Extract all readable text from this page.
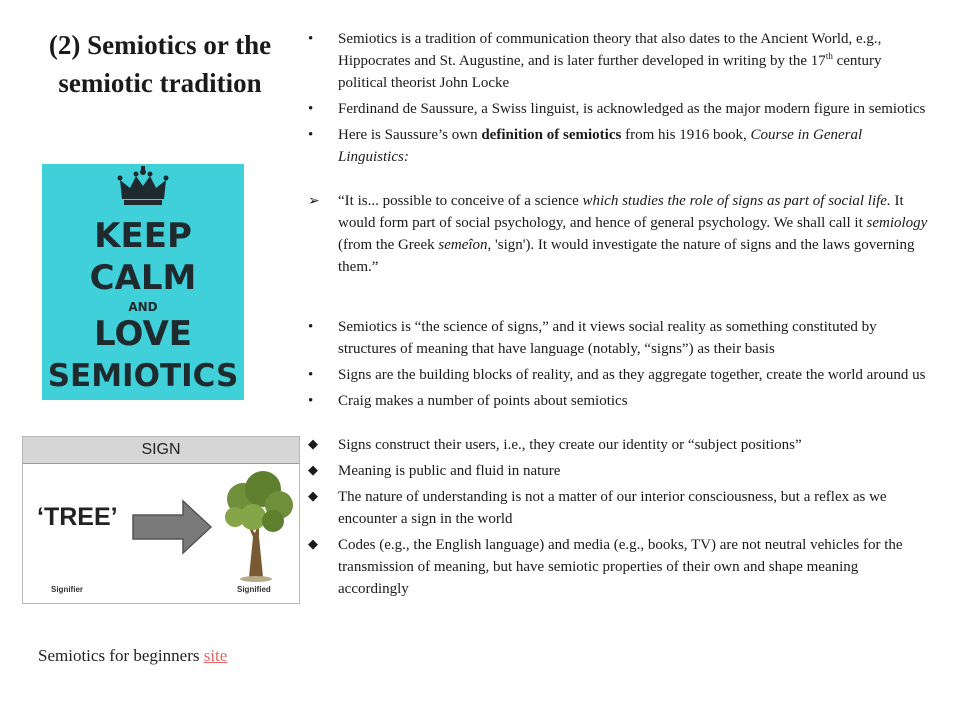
(2) Semiotics or the semiotic tradition
KEEP
CALM
AND
LOVE
SEMIOTICS
SIGN
‘TREE’
Signifier	Signified
Semiotics for beginners site
•
Semiotics is a tradition of communication theory that also dates to the Ancient World, e.g., Hippocrates and St. Augustine, and is later further developed in writing by the 17th century political theorist John Locke
•
Ferdinand de Saussure, a Swiss linguist, is acknowledged as the major modern figure in semiotics
•
Here is Saussure’s own definition of semiotics from his 1916 book, Course in General Linguistics:
➢	“It is... possible to conceive of a science which studies the role of signs as part of social life. It would form part of social psychology, and hence of general psychology. We shall call it semiology (from the Greek semeîon, 'sign'). It would investigate the nature of signs and the laws governing them.”
•
Semiotics is “the science of signs,” and it views social reality as something constituted by structures of meaning that have language (notably, “signs”) as their basis
•
Signs are the building blocks of reality, and as they aggregate together, create the world around us
•
Craig makes a number of points about semiotics
◆	Signs construct their users, i.e., they create our identity or “subject positions”
◆	Meaning is public and fluid in nature
◆	The nature of understanding is not a matter of our interior consciousness, but a reflex as we encounter a sign in the world
◆	Codes (e.g., the English language) and media (e.g., books, TV) are not neutral vehicles for the transmission of meaning, but have semiotic properties of their own and shape meaning accordingly
